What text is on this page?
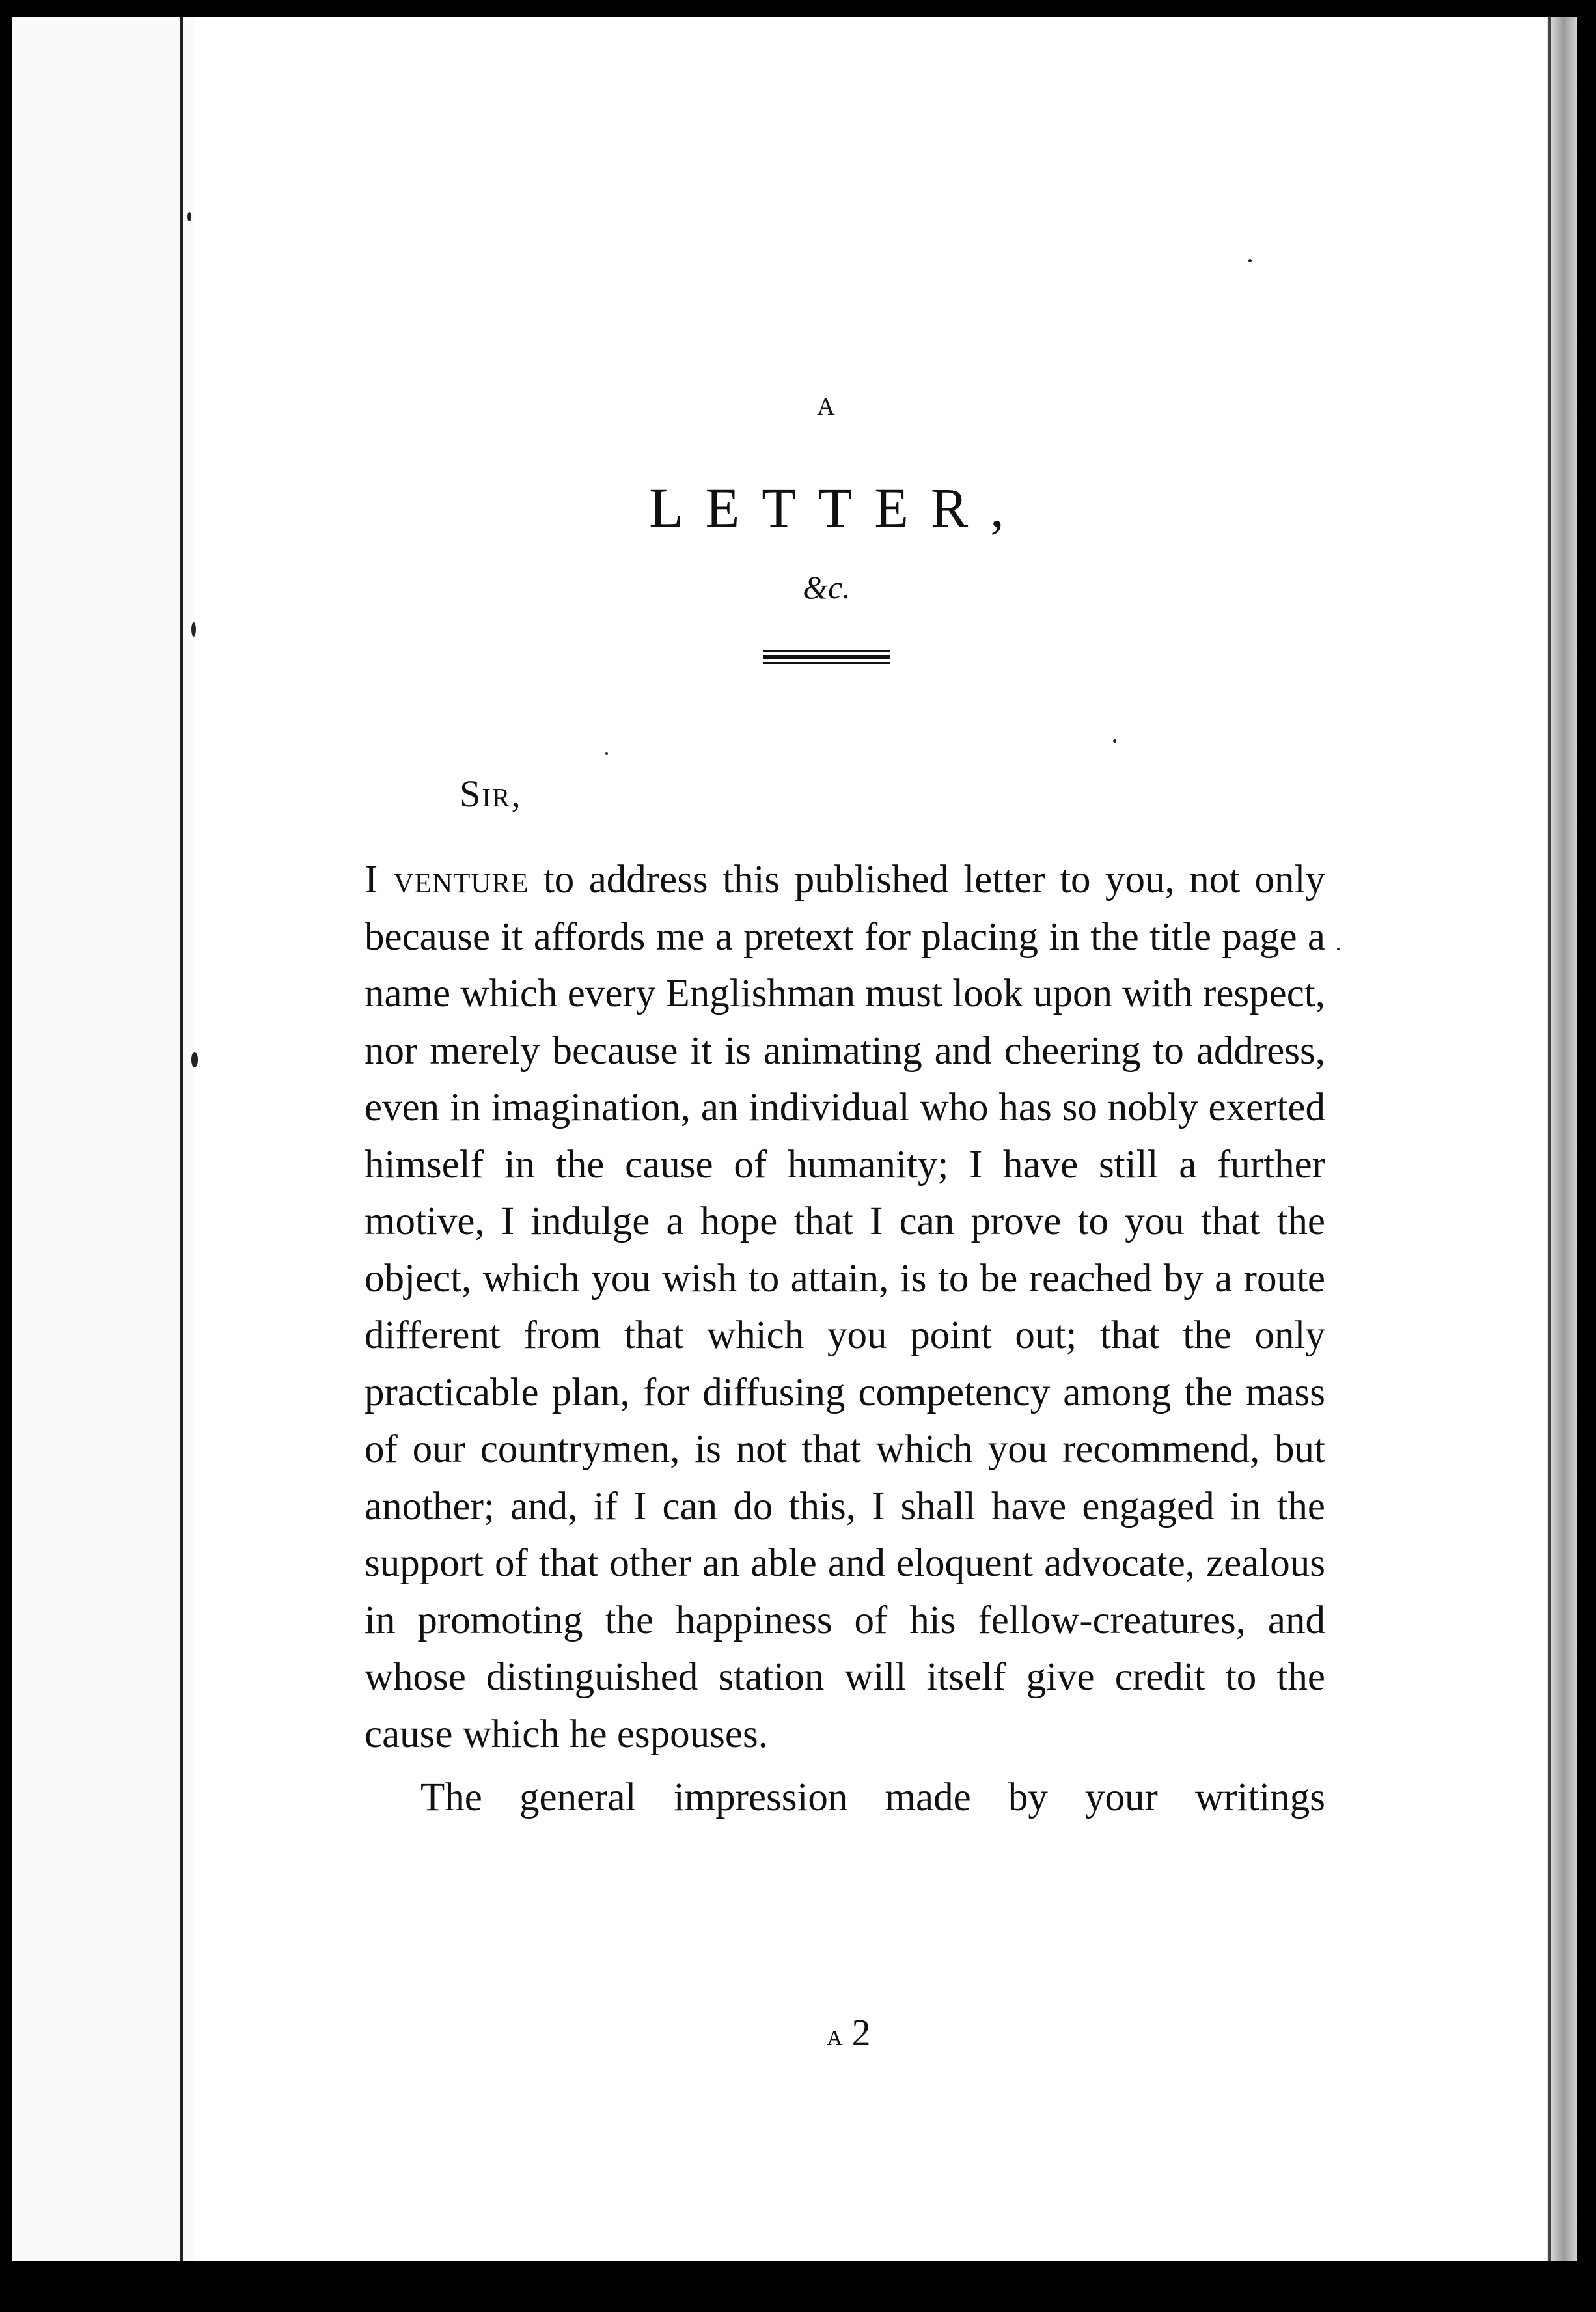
A
LETTER,
&c.
Sir,

I venture to address this published letter to you, not only because it affords me a pretext for placing in the title page a name which every Englishman must look upon with respect, nor merely because it is animating and cheering to address, even in imagination, an individual who has so nobly exerted himself in the cause of humanity; I have still a further motive, I indulge a hope that I can prove to you that the object, which you wish to attain, is to be reached by a route different from that which you point out; that the only practicable plan, for diffusing competency among the mass of our countrymen, is not that which you recommend, but another; and, if I can do this, I shall have engaged in the support of that other an able and eloquent advocate, zealous in promoting the happiness of his fellow-creatures, and whose distinguished station will itself give credit to the cause which he espouses.

The general impression made by your writings

a 2
